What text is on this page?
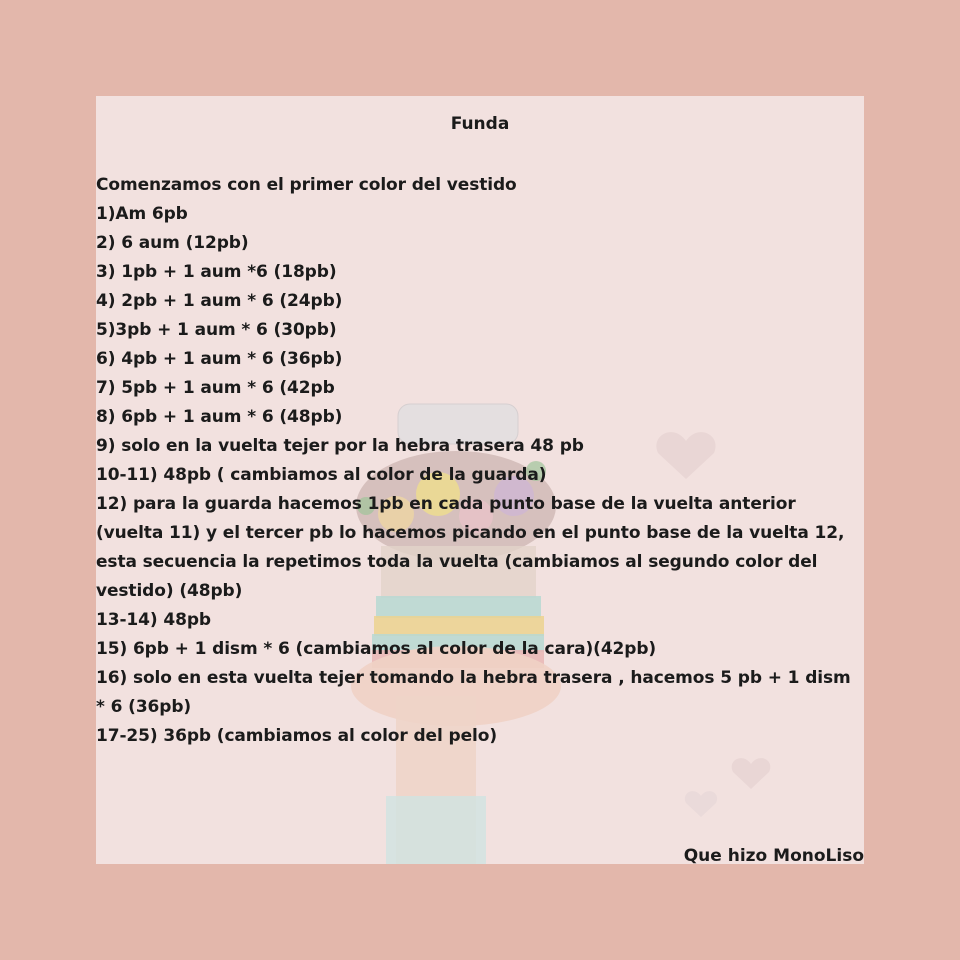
Funda
Comenzamos con el primer color del vestido
1)Am 6pb
2) 6 aum (12pb)
3) 1pb + 1 aum *6 (18pb)
4) 2pb + 1 aum * 6 (24pb)
5)3pb + 1 aum * 6 (30pb)
6) 4pb + 1 aum * 6 (36pb)
7) 5pb + 1 aum * 6 (42pb
8) 6pb + 1 aum * 6 (48pb)
9) solo en la vuelta tejer por la hebra trasera 48 pb
10-11) 48pb ( cambiamos al color de la guarda)
12) para la guarda hacemos 1pb en cada punto base de la vuelta anterior
(vuelta 11) y el tercer pb lo hacemos picando en el punto base de la vuelta 12,
esta secuencia la repetimos toda la vuelta (cambiamos al segundo color del
vestido) (48pb)
13-14) 48pb
15) 6pb + 1 dism * 6 (cambiamos al color de la cara)(42pb)
16) solo en esta vuelta tejer tomando la hebra trasera , hacemos 5 pb + 1 dism
* 6 (36pb)
17-25) 36pb (cambiamos al color del pelo)
Que hizo MonoLiso
